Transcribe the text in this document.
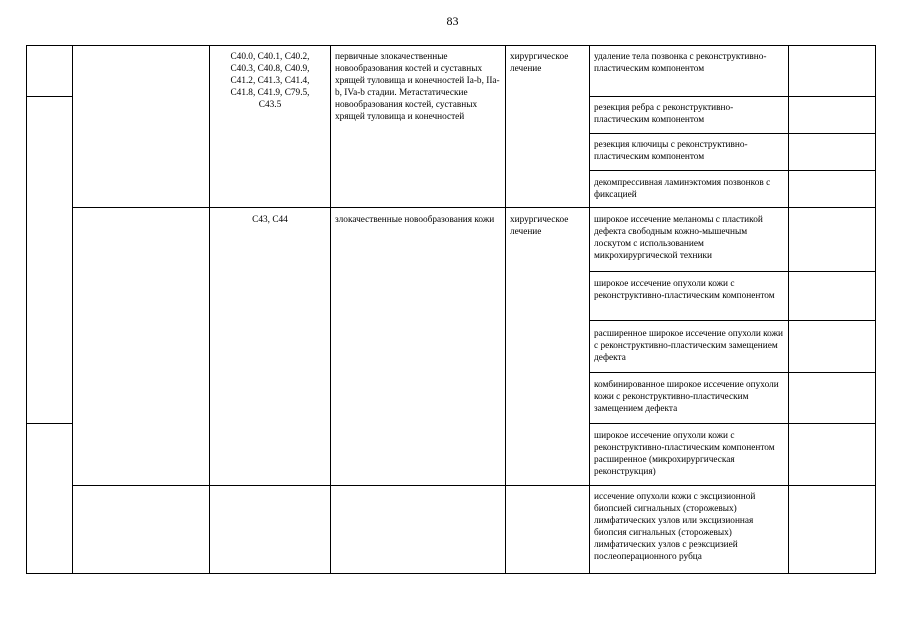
83
C40.0, C40.1, C40.2, C40.3, C40.8, C40.9, C41.2, C41.3, C41.4, C41.8, C41.9, C79.5, C43.5
первичные злокачественные новообразования костей и суставных хрящей туловища и конечностей Ia-b, IIa-b, IVa-b стадии. Метастатические новообразования костей, суставных хрящей туловища и конечностей
хирургическое лечение
удаление тела позвонка с реконструктивно-пластическим компонентом
резекция ребра с реконструктивно-пластическим компонентом
резекция ключицы с реконструктивно-пластическим компонентом
декомпрессивная ламинэктомия позвонков с фиксацией
C43, C44	злокачественные новообразования кожи	хирургическое лечение
широкое иссечение меланомы с пластикой дефекта свободным кожно-мышечным лоскутом с использованием микрохирургической техники
широкое иссечение опухоли кожи с реконструктивно-пластическим компонентом
расширенное широкое иссечение опухоли кожи с реконструктивно-пластическим замещением дефекта
комбинированное широкое иссечение опухоли кожи с реконструктивно-пластическим замещением дефекта
широкое иссечение опухоли кожи с реконструктивно-пластическим компонентом расширенное (микрохирургическая реконструкция)
иссечение опухоли кожи с эксцизионной биопсией сигнальных (сторожевых) лимфатических узлов или эксцизионная биопсия сигнальных (сторожевых) лимфатических узлов с реэксцизией послеоперационного рубца
